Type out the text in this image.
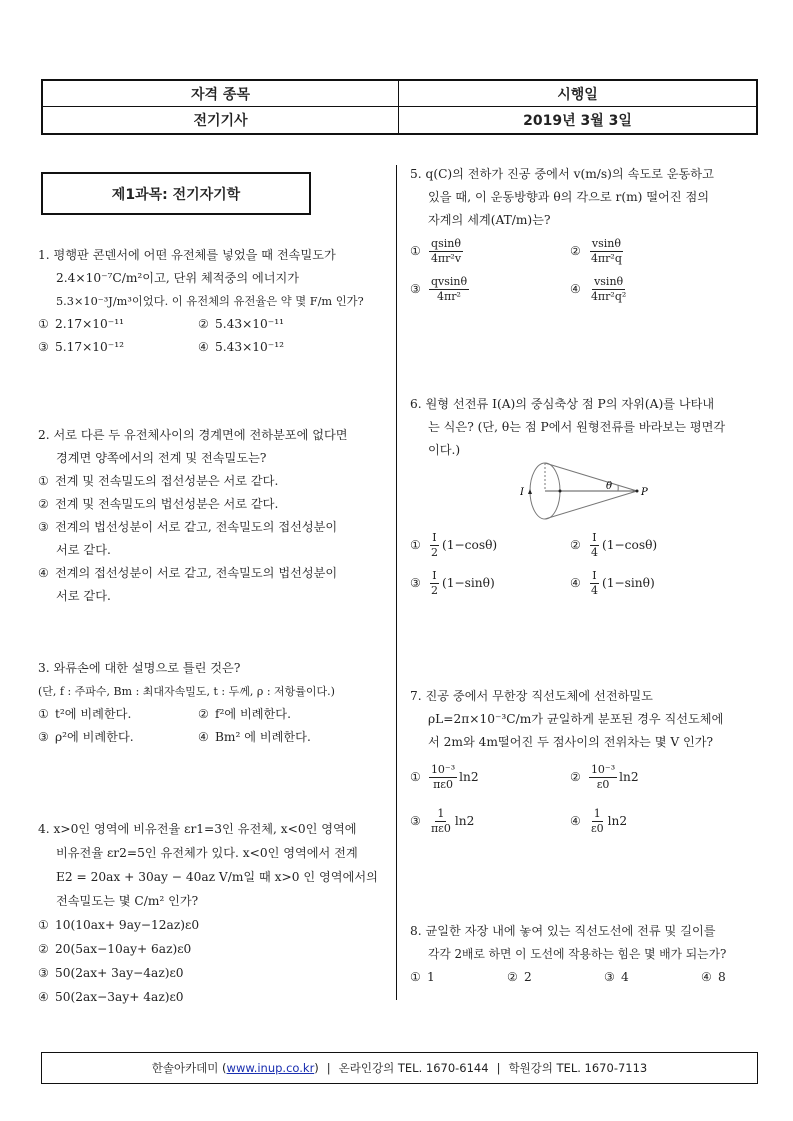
자격 종목	시행일
전기기사	2019년 3월 3일
제1과목: 전기자기학
1. 평행판 콘덴서에 어떤 유전체를 넣었을 때 전속밀도가
2.4×10⁻⁷C/m²이고, 단위 체적중의 에너지가
5.3×10⁻³J/m³이었다. 이 유전체의 유전율은 약 몇 F/m 인가?
① 2.17×10⁻¹¹	② 5.43×10⁻¹¹
③ 5.17×10⁻¹²	④ 5.43×10⁻¹²
2. 서로 다른 두 유전체사이의 경계면에 전하분포에 없다면
경계면 양쪽에서의 전계 및 전속밀도는?
① 전계 및 전속밀도의 접선성분은 서로 같다.
② 전계 및 전속밀도의 법선성분은 서로 같다.
③ 전계의 법선성분이 서로 같고, 전속밀도의 접선성분이
서로 같다.
④ 전계의 접선성분이 서로 같고, 전속밀도의 법선성분이
서로 같다.
3. 와류손에 대한 설명으로 틀린 것은?
(단, f : 주파수, Bm : 최대자속밀도, t : 두께, ρ : 저항률이다.)
① t²에 비례한다.	② f²에 비례한다.
③ ρ²에 비례한다.	④ Bm² 에 비례한다.
4. x>0인 영역에 비유전율 εr1=3인 유전체, x<0인 영역에
비유전율 εr2=5인 유전체가 있다. x<0인 영역에서 전계
E2 = 20ax + 30ay − 40az V/m일 때 x>0 인 영역에서의
전속밀도는 몇 C/m² 인가?
① 10(10ax+ 9ay−12az)ε0
② 20(5ax−10ay+ 6az)ε0
③ 50(2ax+ 3ay−4az)ε0
④ 50(2ax−3ay+ 4az)ε0
5. q(C)의 전하가 진공 중에서 v(m/s)의 속도로 운동하고
있을 때, 이 운동방향과 θ의 각으로 r(m) 떨어진 점의
자계의 세계(AT/m)는?
① $\frac{qsin\theta}{\text{4πr²v}}$	② $\frac{vsin\theta}{\text{4πr²q}}$
③ $\frac{qvsin\theta}{\text{4πr²}}$	④ $\frac{vsin\theta}{\text{4πr²q²}}$
6. 원형 선전류 I(A)의 중심축상 점 P의 자위(A)를 나타내
는 식은? (단, θ는 점 P에서 원형전류를 바라보는 평면각
이다.)
I
θ
P
① $\frac{I}{2} (1-\cos\theta)$	② $\frac{I}{4} (1-\cos\theta)$
③ $\frac{I}{2} (1-\sin\theta)$	④ $\frac{I}{4} (1-\sin\theta)$
7. 진공 중에서 무한장 직선도체에 선전하밀도
ρL=2π×10⁻³C/m가 균일하게 분포된 경우 직선도체에
서 2m와 4m떨어진 두 점사이의 전위차는 몇 V 인가?
① $\frac{\text{10⁻³}}{\pi\varepsilon 0} \ln 2$	② $\frac{\text{10⁻³}}{\varepsilon 0} \ln 2$
③ $\frac{1}{\pi\varepsilon 0} \ln 2$	④ $\frac{1}{\varepsilon 0} \ln 2$
8. 균일한 자장 내에 놓여 있는 직선도선에 전류 및 길이를
각각 2배로 하면 이 도선에 작용하는 힘은 몇 배가 되는가?
① 1	② 2	③ 4	④ 8
한솔아카데미 ( www.inup.co.kr ) | 온라인강의 TEL. 1670-6144 | 학원강의 TEL. 1670-7113
